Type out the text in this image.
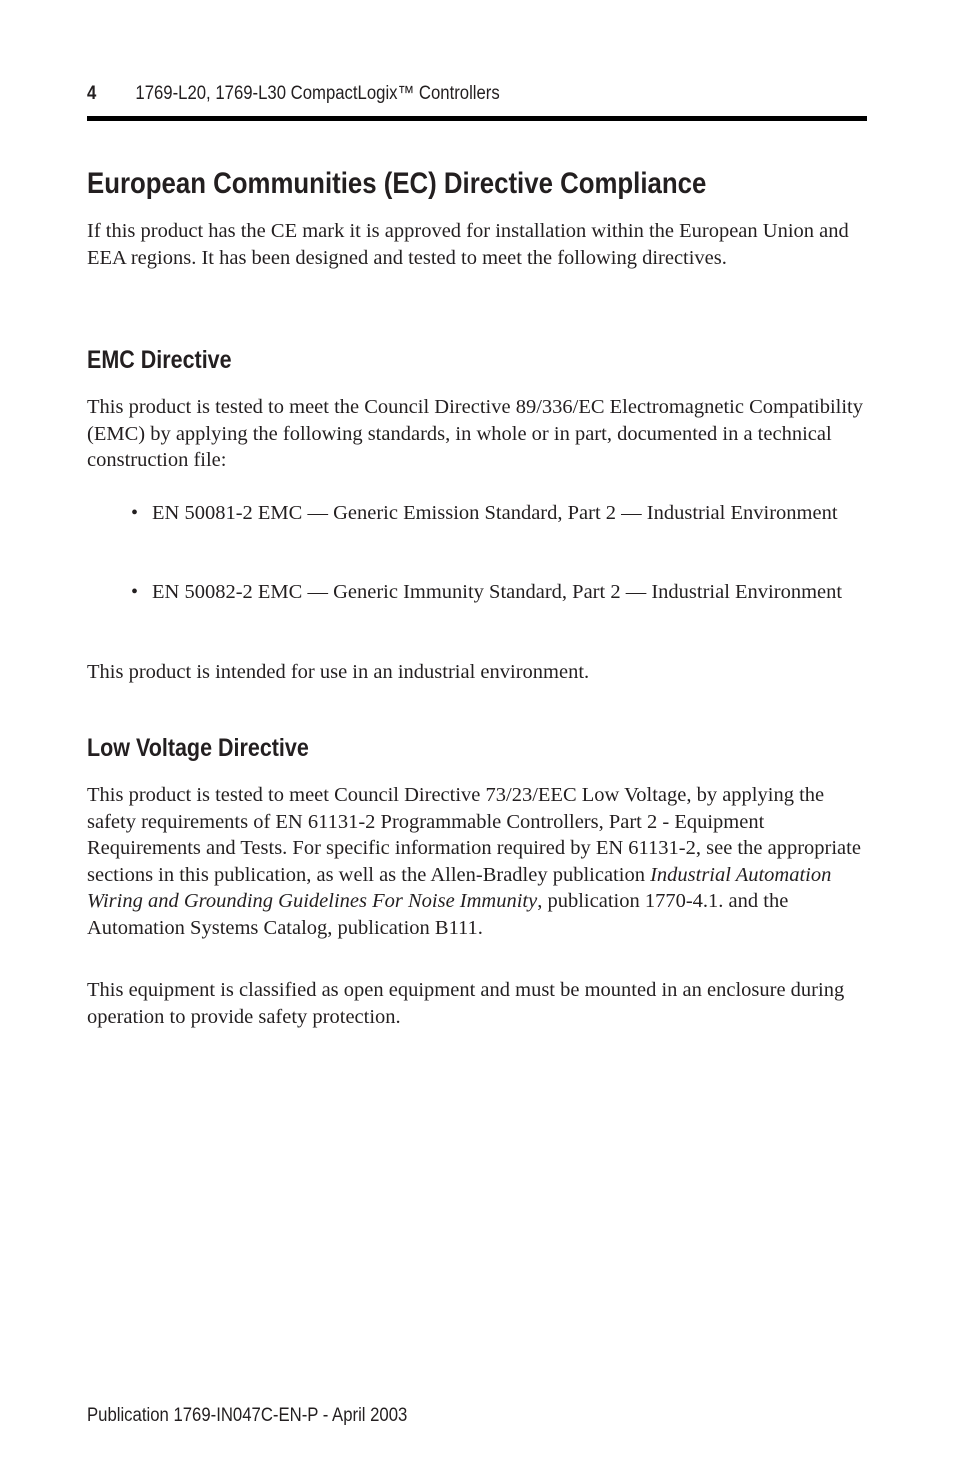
4 1769-L20, 1769-L30 CompactLogix™ Controllers
European Communities (EC) Directive Compliance

If this product has the CE mark it is approved for installation within the European Union and EEA regions. It has been designed and tested to meet the following directives.

EMC Directive

This product is tested to meet the Council Directive 89/336/EC Electromagnetic Compatibility (EMC) by applying the following standards, in whole or in part, documented in a technical construction file:

• EN 50081-2 EMC — Generic Emission Standard, Part 2 — Industrial Environment
• EN 50082-2 EMC — Generic Immunity Standard, Part 2 — Industrial Environment

This product is intended for use in an industrial environment.

Low Voltage Directive

This product is tested to meet Council Directive 73/23/EEC Low Voltage, by applying the safety requirements of EN 61131-2 Programmable Controllers, Part 2 - Equipment Requirements and Tests. For specific information required by EN 61131-2, see the appropriate sections in this publication, as well as the Allen-Bradley publication Industrial Automation Wiring and Grounding Guidelines For Noise Immunity, publication 1770-4.1. and the Automation Systems Catalog, publication B111.

This equipment is classified as open equipment and must be mounted in an enclosure during operation to provide safety protection.

Publication 1769-IN047C-EN-P - April 2003
